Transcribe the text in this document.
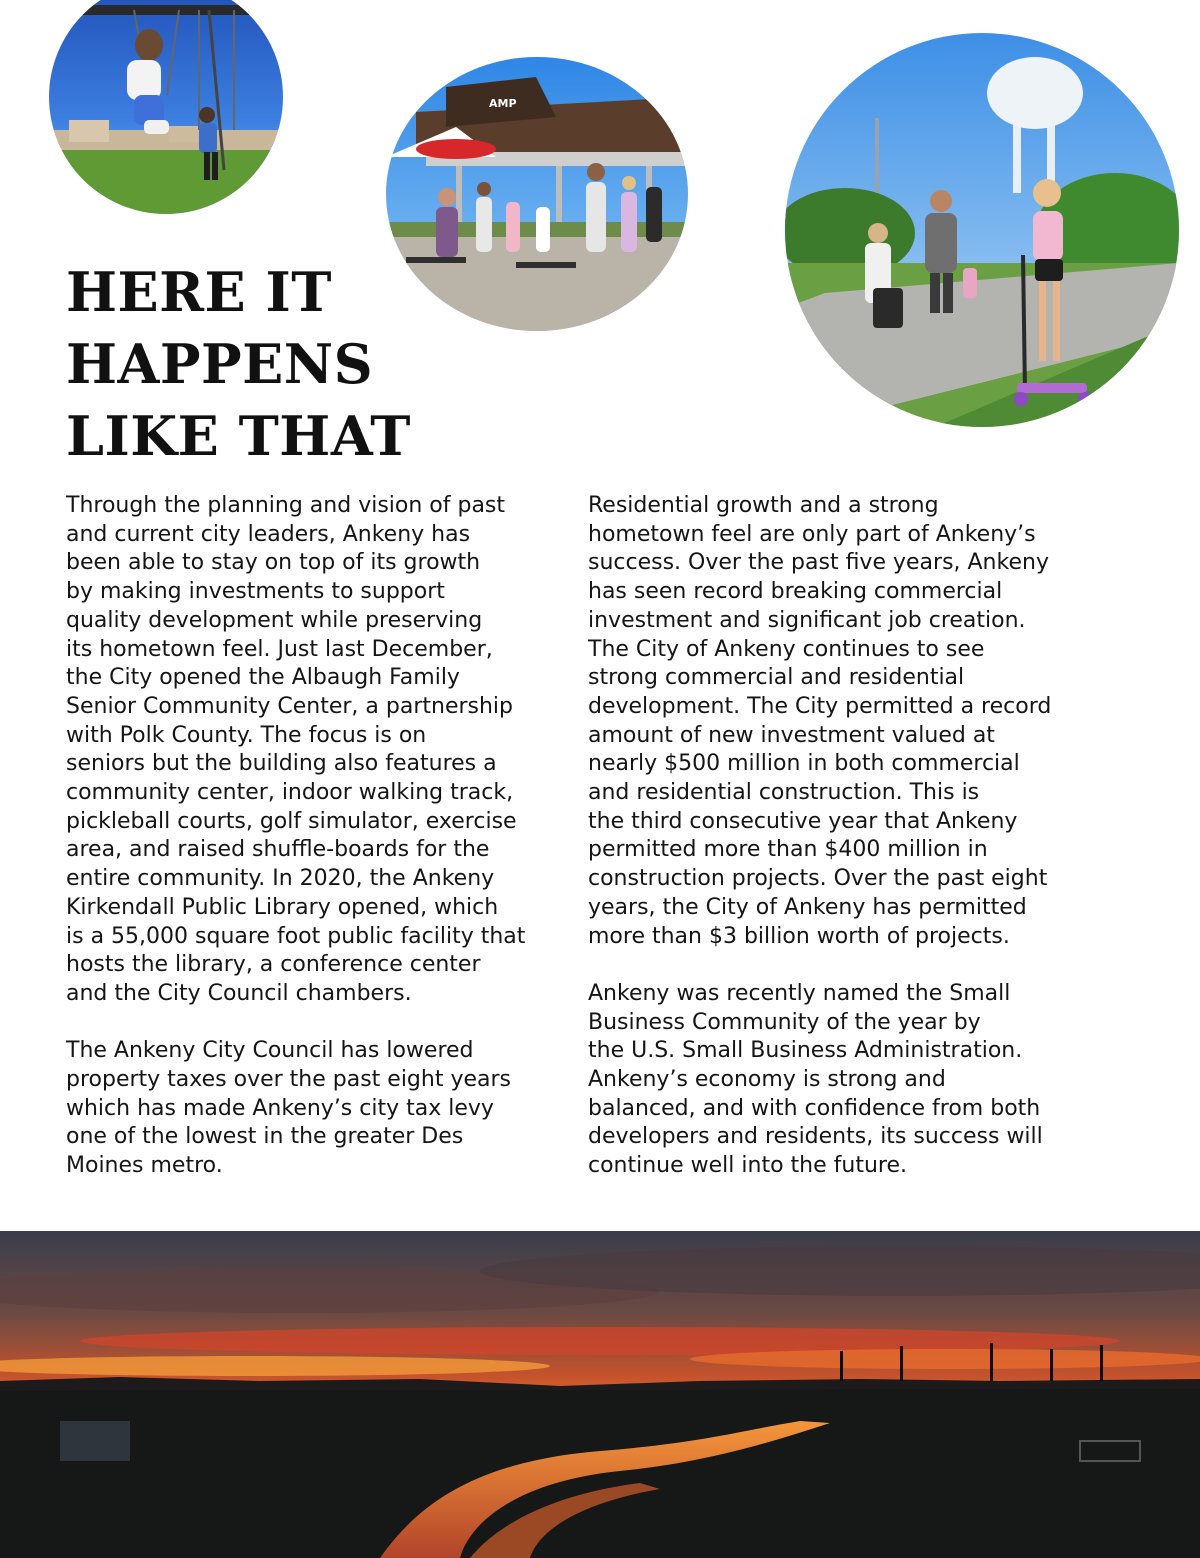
AMP
HERE IT
HAPPENS
LIKE THAT

Through the planning and vision of past
and current city leaders, Ankeny has
been able to stay on top of its growth
by making investments to support
quality development while preserving
its hometown feel. Just last December,
the City opened the Albaugh Family
Senior Community Center, a partnership
with Polk County. The focus is on
seniors but the building also features a
community center, indoor walking track,
pickleball courts, golf simulator, exercise
area, and raised shuffle-boards for the
entire community. In 2020, the Ankeny
Kirkendall Public Library opened, which
is a 55,000 square foot public facility that
hosts the library, a conference center
and the City Council chambers.

The Ankeny City Council has lowered
property taxes over the past eight years
which has made Ankeny’s city tax levy
one of the lowest in the greater Des
Moines metro.

Residential growth and a strong
hometown feel are only part of Ankeny’s
success. Over the past five years, Ankeny
has seen record breaking commercial
investment and significant job creation.
The City of Ankeny continues to see
strong commercial and residential
development. The City permitted a record
amount of new investment valued at
nearly $500 million in both commercial
and residential construction. This is
the third consecutive year that Ankeny
permitted more than $400 million in
construction projects. Over the past eight
years, the City of Ankeny has permitted
more than $3 billion worth of projects.

Ankeny was recently named the Small
Business Community of the year by
the U.S. Small Business Administration.
Ankeny’s economy is strong and
balanced, and with confidence from both
developers and residents, its success will
continue well into the future.
